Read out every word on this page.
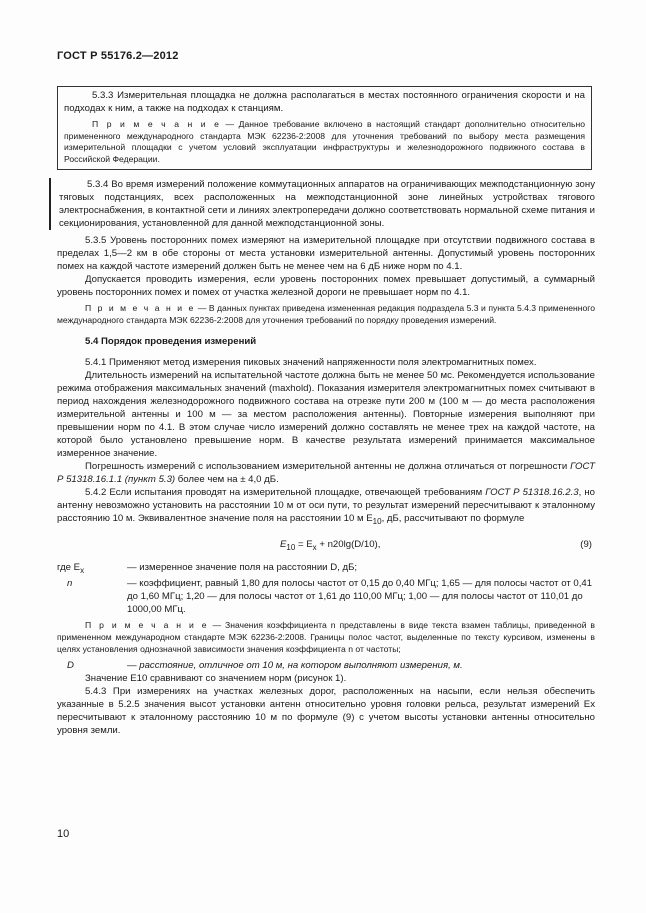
ГОСТ Р 55176.2—2012

5.3.3 Измерительная площадка не должна располагаться в местах постоянного ограничения скорости и на подходах к ним, а также на подходах к станциям.

П р и м е ч а н и е — Данное требование включено в настоящий стандарт дополнительно относительно примененного международного стандарта МЭК 62236-2:2008 для уточнения требований по выбору места размещения измерительной площадки с учетом условий эксплуатации инфраструктуры и железнодорожного подвижного состава в Российской Федерации.

5.3.4 Во время измерений положение коммутационных аппаратов на ограничивающих межподстанционную зону тяговых подстанциях, всех расположенных на межподстанционной зоне линейных устройствах тягового электроснабжения, в контактной сети и линиях электропередачи должно соответствовать нормальной схеме питания и секционирования, установленной для данной межподстанционной зоны.

5.3.5 Уровень посторонних помех измеряют на измерительной площадке при отсутствии подвижного состава в пределах 1,5—2 км в обе стороны от места установки измерительной антенны. Допустимый уровень посторонних помех на каждой частоте измерений должен быть не менее чем на 6 дБ ниже норм по 4.1.

Допускается проводить измерения, если уровень посторонних помех превышает допустимый, а суммарный уровень посторонних помех и помех от участка железной дороги не превышает норм по 4.1.

П р и м е ч а н и е — В данных пунктах приведена измененная редакция подраздела 5.3 и пункта 5.4.3 примененного международного стандарта МЭК 62236-2:2008 для уточнения требований по порядку проведения измерений.

5.4 Порядок проведения измерений

5.4.1 Применяют метод измерения пиковых значений напряженности поля электромагнитных помех.

Длительность измерений на испытательной частоте должна быть не менее 50 мс. Рекомендуется использование режима отображения максимальных значений (maxhold). Показания измерителя электромагнитных помех считывают в период нахождения железнодорожного подвижного состава на отрезке пути 200 м (100 м — до места расположения измерительной антенны и 100 м — за местом расположения антенны). Повторные измерения выполняют при превышении норм по 4.1. В этом случае число измерений должно составлять не менее трех на каждой частоте, на которой было установлено превышение норм. В качестве результата измерений принимается максимальное измеренное значение.

Погрешность измерений с использованием измерительной антенны не должна отличаться от погрешности ГОСТ Р 51318.16.1.1 (пункт 5.3) более чем на ± 4,0 дБ.

5.4.2 Если испытания проводят на измерительной площадке, отвечающей требованиям ГОСТ Р 51318.16.2.3, но антенну невозможно установить на расстоянии 10 м от оси пути, то результат измерений пересчитывают к эталонному расстоянию 10 м. Эквивалентное значение поля на расстоянии 10 м $E_{10}$, дБ, рассчитывают по формуле

$E_{10} = E_x + n20\lg(D/10)$,	(9)
где $E_x$	— измеренное значение поля на расстоянии D, дБ;
n	— коэффициент, равный 1,80 для полосы частот от 0,15 до 0,40 МГц; 1,65 — для полосы частот от 0,41 до 1,60 МГц; 1,20 — для полосы частот от 1,61 до 110,00 МГц; 1,00 — для полосы частот от 110,01 до 1000,00 МГц.

П р и м е ч а н и е — Значения коэффициента n представлены в виде текста взамен таблицы, приведенной в примененном международном стандарте МЭК 62236-2:2008. Границы полос частот, выделенные по тексту курсивом, изменены в целях установления однозначной зависимости значения коэффициента n от частоты;

D	— расстояние, отличное от 10 м, на котором выполняют измерения, м.

Значение E10 сравнивают со значением норм (рисунок 1).

5.4.3 При измерениях на участках железных дорог, расположенных на насыпи, если нельзя обеспечить указанные в 5.2.5 значения высот установки антенн относительно уровня головки рельса, результат измерений Ex пересчитывают к эталонному расстоянию 10 м по формуле (9) с учетом высоты установки антенны относительно уровня земли.

10
